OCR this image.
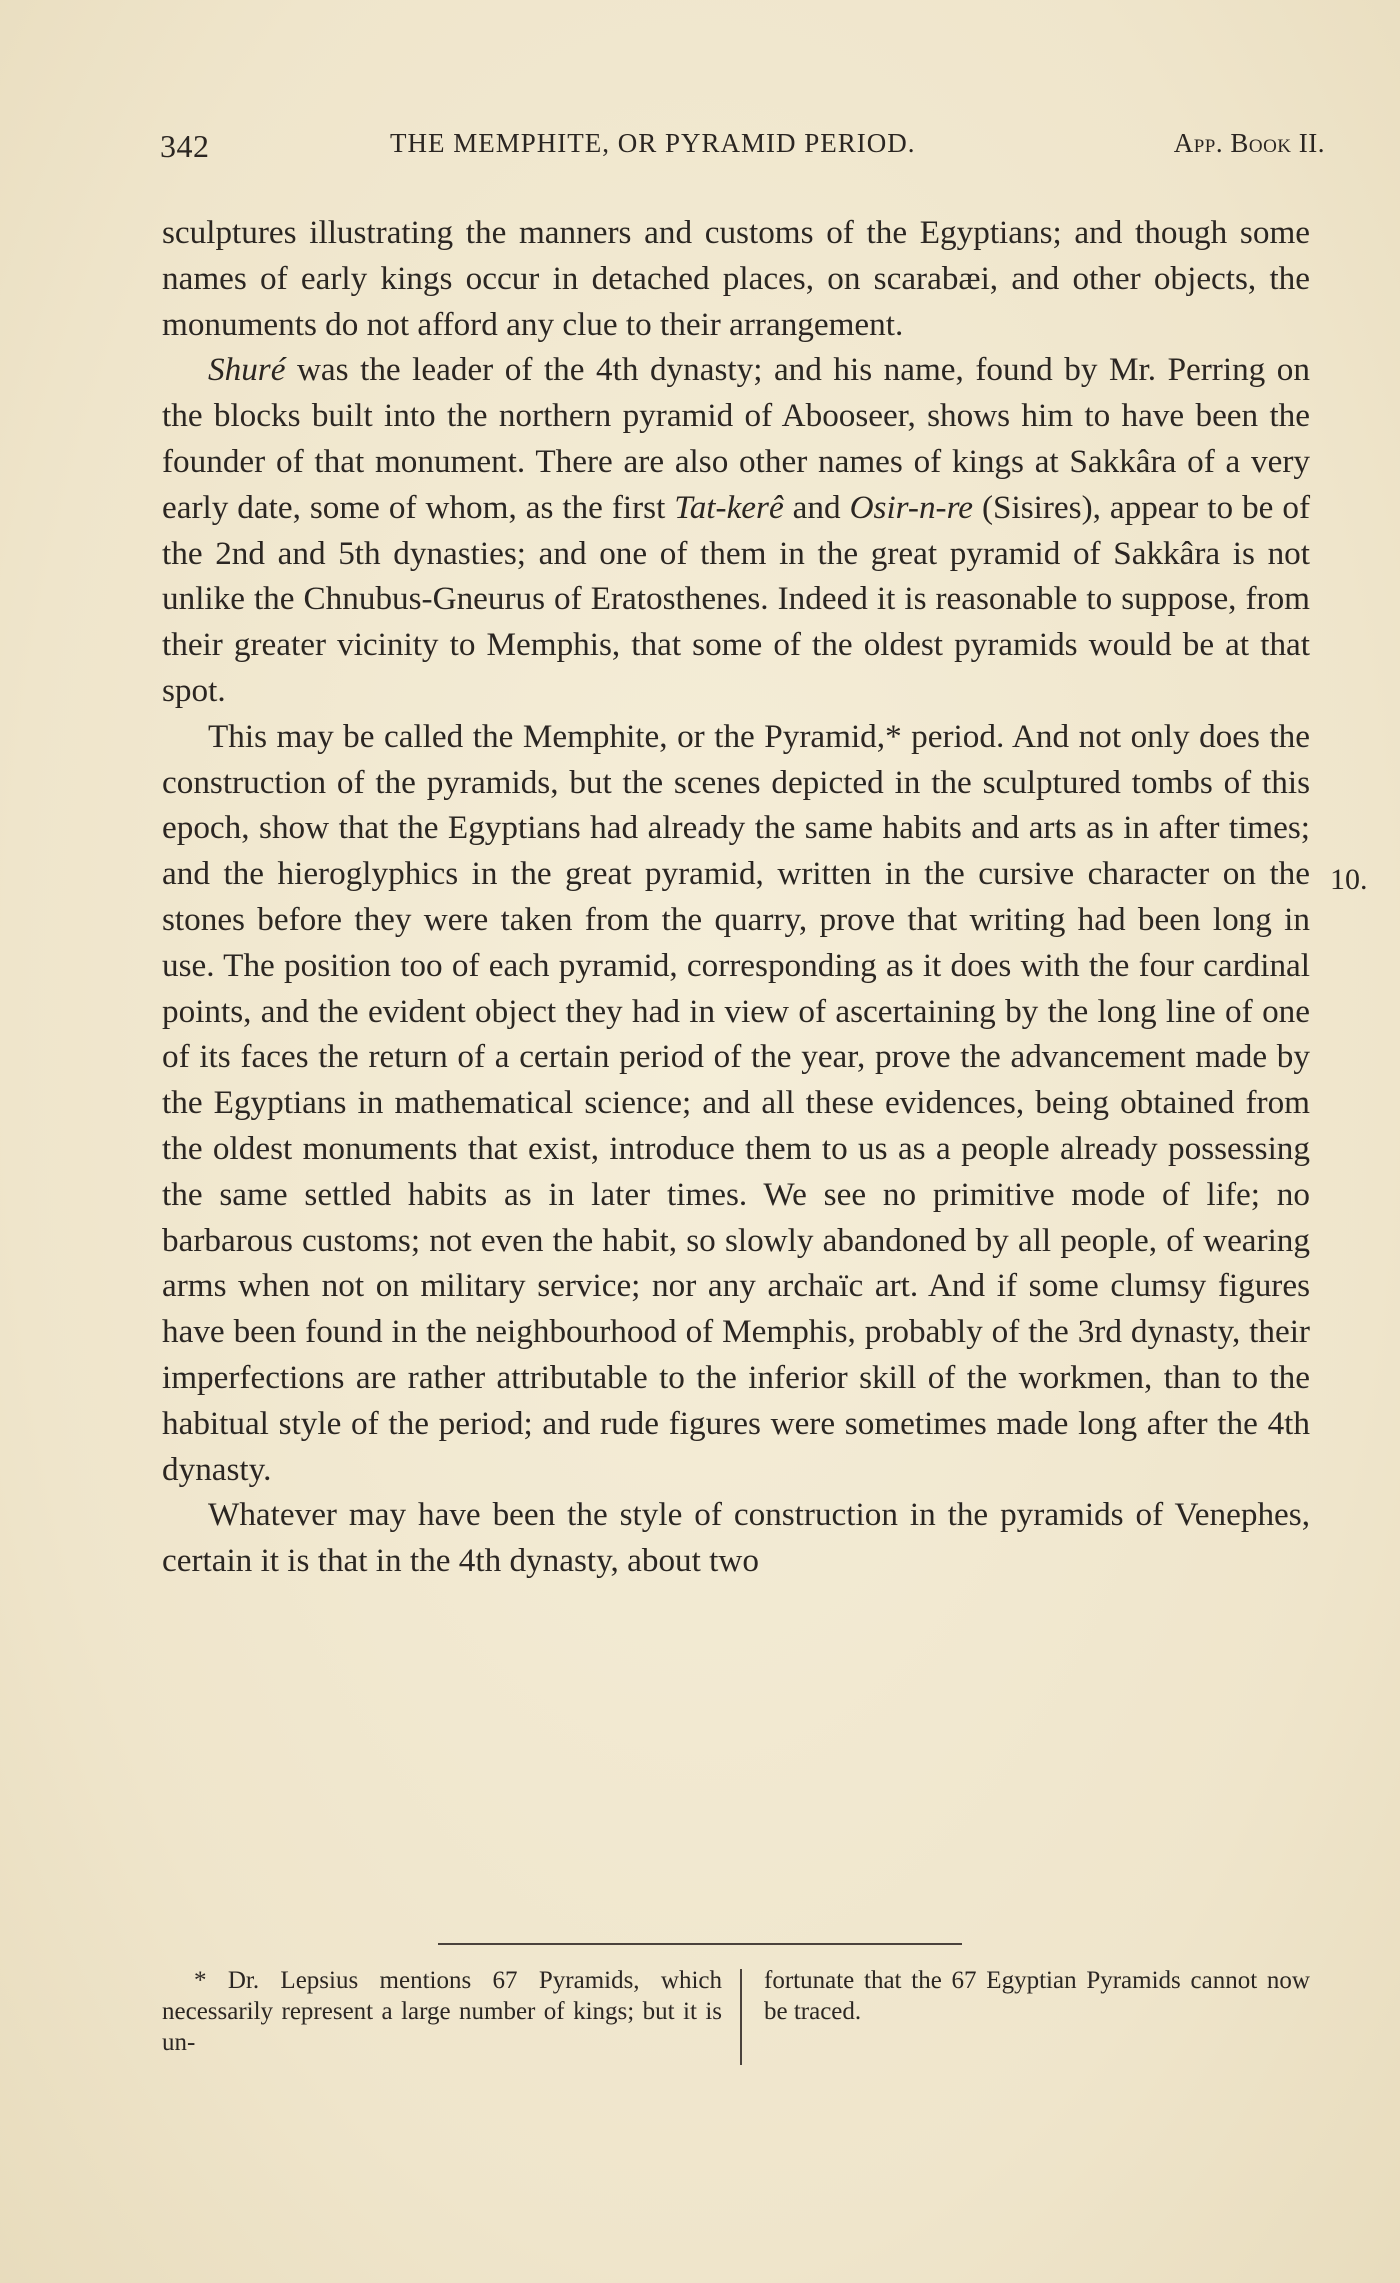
342	THE MEMPHITE, OR PYRAMID PERIOD.	App. Book II.
10.

sculptures illustrating the manners and customs of the Egyptians; and though some names of early kings occur in detached places, on scarabæi, and other objects, the monuments do not afford any clue to their arrangement.

Shuré was the leader of the 4th dynasty; and his name, found by Mr. Perring on the blocks built into the northern pyramid of Abooseer, shows him to have been the founder of that monument. There are also other names of kings at Sakkâra of a very early date, some of whom, as the first Tat-kerê and Osir-n-re (Sisires), appear to be of the 2nd and 5th dynasties; and one of them in the great pyramid of Sakkâra is not unlike the Chnubus-Gneurus of Eratosthenes. Indeed it is reasonable to suppose, from their greater vicinity to Memphis, that some of the oldest pyramids would be at that spot.

This may be called the Memphite, or the Pyramid,* period. And not only does the construction of the pyramids, but the scenes depicted in the sculptured tombs of this epoch, show that the Egyptians had already the same habits and arts as in after times; and the hieroglyphics in the great pyramid, written in the cursive character on the stones before they were taken from the quarry, prove that writing had been long in use. The position too of each pyramid, corresponding as it does with the four cardinal points, and the evident object they had in view of ascertaining by the long line of one of its faces the return of a certain period of the year, prove the advancement made by the Egyptians in mathematical science; and all these evidences, being obtained from the oldest monuments that exist, introduce them to us as a people already possessing the same settled habits as in later times. We see no primitive mode of life; no barbarous customs; not even the habit, so slowly abandoned by all people, of wearing arms when not on military service; nor any archaïc art. And if some clumsy figures have been found in the neighbourhood of Memphis, probably of the 3rd dynasty, their imperfections are rather attributable to the inferior skill of the workmen, than to the habitual style of the period; and rude figures were sometimes made long after the 4th dynasty.

Whatever may have been the style of construction in the pyramids of Venephes, certain it is that in the 4th dynasty, about two

* Dr. Lepsius mentions 67 Pyramids, which necessarily represent a large number of kings; but it is un-

fortunate that the 67 Egyptian Pyramids cannot now be traced.
